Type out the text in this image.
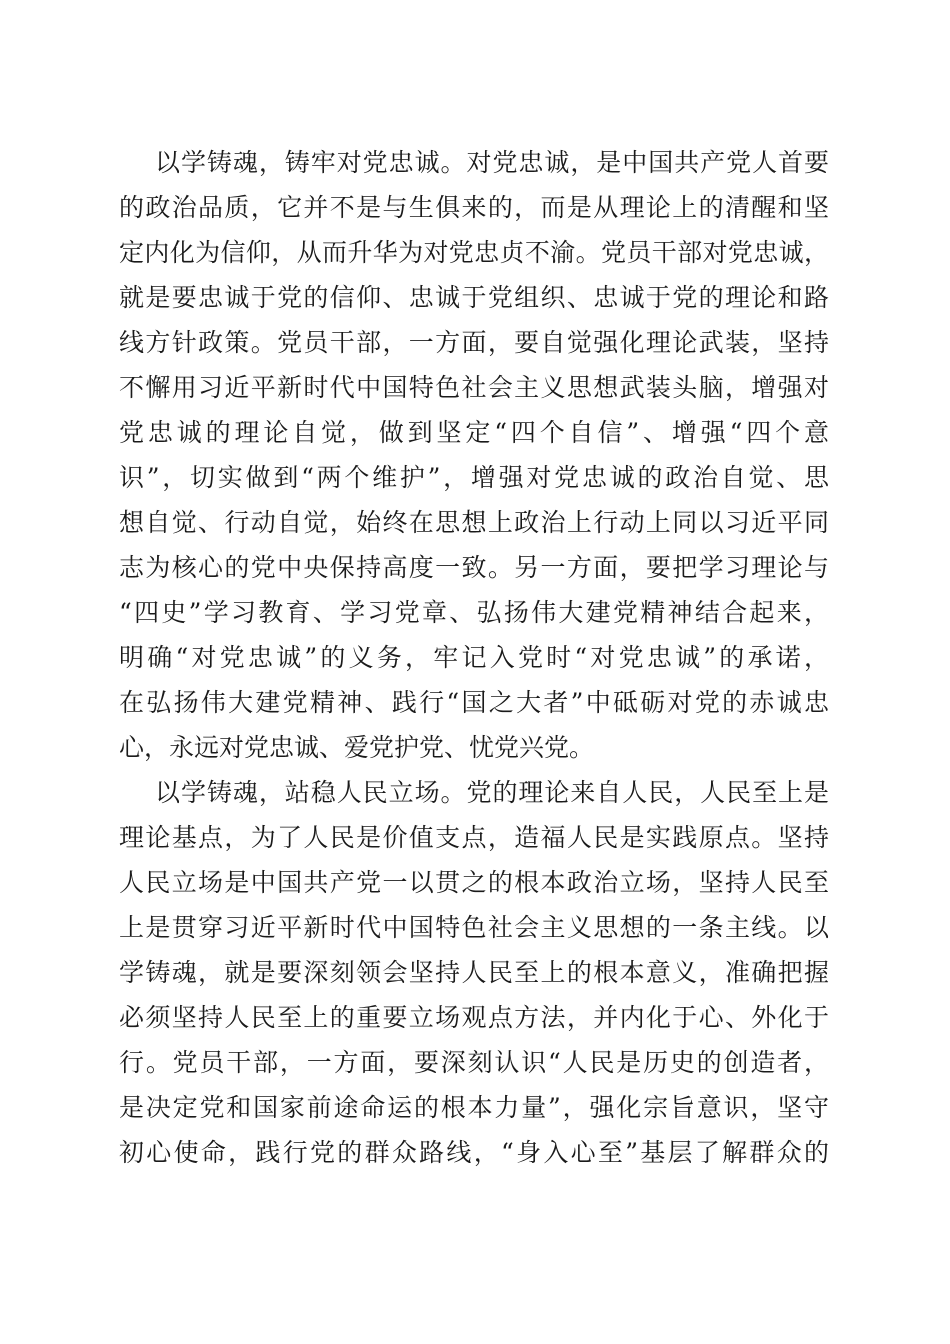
以学铸魂，铸牢对党忠诚。对党忠诚，是中国共产党人首要
的政治品质，它并不是与生俱来的，而是从理论上的清醒和坚
定内化为信仰，从而升华为对党忠贞不渝。党员干部对党忠诚，
就是要忠诚于党的信仰、忠诚于党组织、忠诚于党的理论和路
线方针政策。党员干部，一方面，要自觉强化理论武装，坚持
不懈用习近平新时代中国特色社会主义思想武装头脑，增强对
党忠诚的理论自觉，做到坚定“四个自信”、增强“四个意
识”，切实做到“两个维护”，增强对党忠诚的政治自觉、思
想自觉、行动自觉，始终在思想上政治上行动上同以习近平同
志为核心的党中央保持高度一致。另一方面，要把学习理论与
“四史”学习教育、学习党章、弘扬伟大建党精神结合起来，
明确“对党忠诚”的义务，牢记入党时“对党忠诚”的承诺，
在弘扬伟大建党精神、践行“国之大者”中砥砺对党的赤诚忠
心，永远对党忠诚、爱党护党、忧党兴党。
以学铸魂，站稳人民立场。党的理论来自人民，人民至上是
理论基点，为了人民是价值支点，造福人民是实践原点。坚持
人民立场是中国共产党一以贯之的根本政治立场，坚持人民至
上是贯穿习近平新时代中国特色社会主义思想的一条主线。以
学铸魂，就是要深刻领会坚持人民至上的根本意义，准确把握
必须坚持人民至上的重要立场观点方法，并内化于心、外化于
行。党员干部，一方面，要深刻认识“人民是历史的创造者，
是决定党和国家前途命运的根本力量”，强化宗旨意识，坚守
初心使命，践行党的群众路线，“身入心至”基层了解群众的
